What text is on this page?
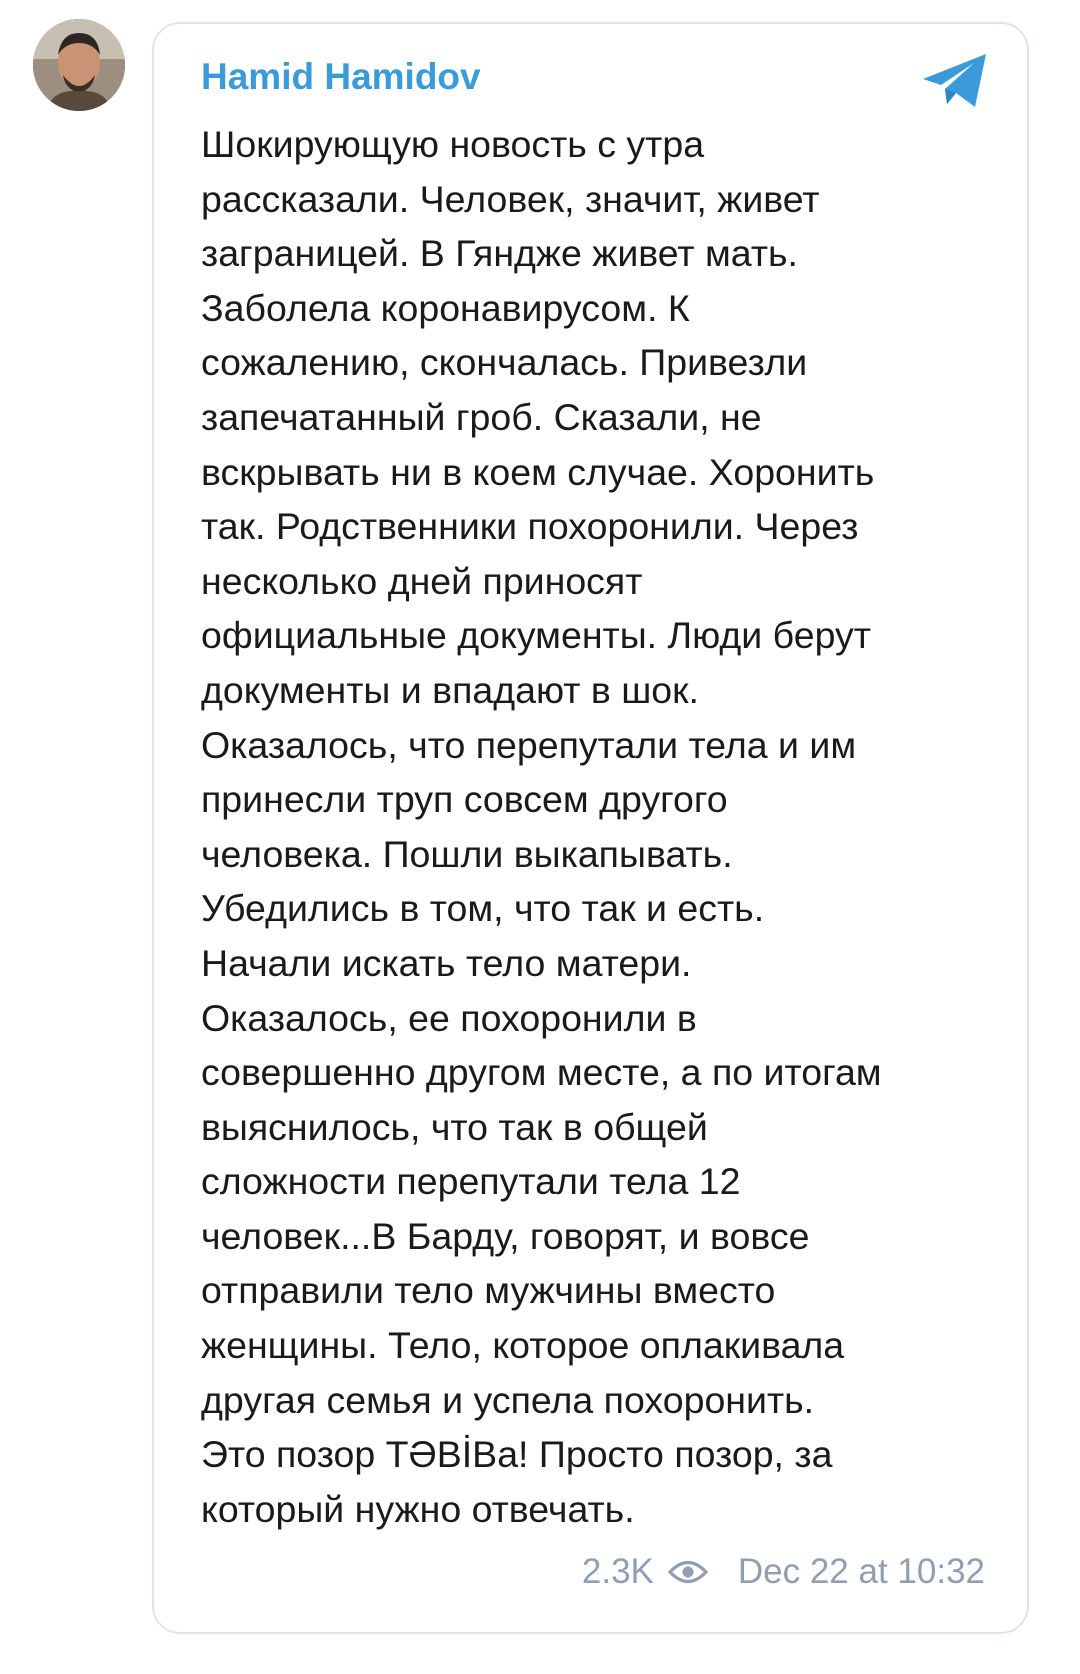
Hamid Hamidov

Шокирующую новость с утра
рассказали. Человек, значит, живет
заграницей. В Гяндже живет мать.
Заболела коронавирусом. К
сожалению, скончалась. Привезли
запечатанный гроб. Сказали, не
вскрывать ни в коем случае. Хоронить
так. Родственники похоронили. Через
несколько дней приносят
официальные документы. Люди берут
документы и впадают в шок.
Оказалось, что перепутали тела и им
принесли труп совсем другого
человека. Пошли выкапывать.
Убедились в том, что так и есть.
Начали искать тело матери.
Оказалось, ее похоронили в
совершенно другом месте, а по итогам
выяснилось, что так в общей
сложности перепутали тела 12
человек...В Барду, говорят, и вовсе
отправили тело мужчины вместо
женщины. Тело, которое оплакивала
другая семья и успела похоронить.
Это позор ТӘВİВа! Просто позор, за
который нужно отвечать.

2.3K Dec 22 at 10:32
